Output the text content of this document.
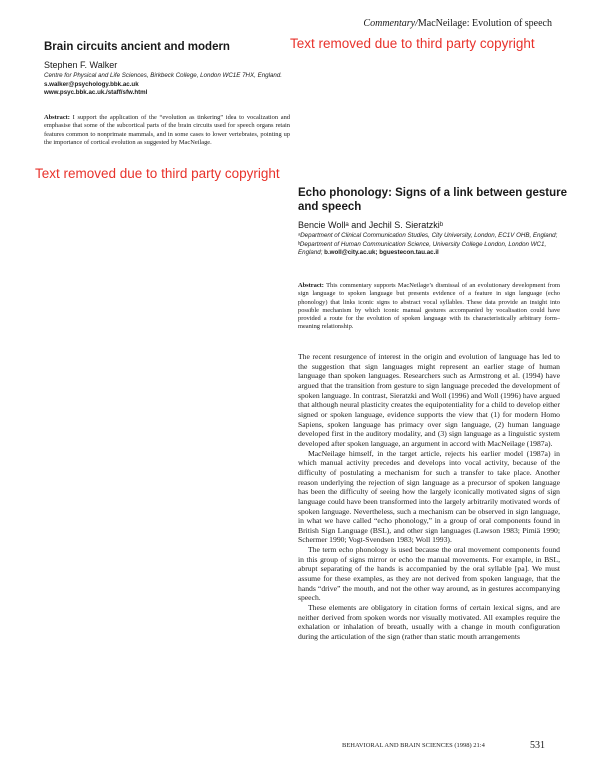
Commentary/MacNeilage: Evolution of speech
Brain circuits ancient and modern
Stephen F. Walker
Centre for Physical and Life Sciences, Birkbeck College, London WC1E 7HX, England. s.walker@psychology.bbk.ac.uk
www.psyc.bbk.ac.uk./staff/sfw.html
Abstract: I support the application of the “evolution as tinkering” idea to vocalization and emphasise that some of the subcortical parts of the brain circuits used for speech organs retain features common to nonprimate mammals, and in some cases to lower vertebrates, pointing up the importance of cortical evolution as suggested by MacNeilage.
Text removed due to third party copyright
Text removed due to third party copyright
Echo phonology: Signs of a link between gesture and speech
Bencie Wollᵃ and Jechil S. Sieratzkiᵇ
ᵃDepartment of Clinical Communication Studies, City University, London, EC1V OHB, England; ᵇDepartment of Human Communication Science, University College London, London WC1, England; b.woll@city.ac.uk; bguestecon.tau.ac.il
Abstract: This commentary supports MacNeilage’s dismissal of an evolutionary development from sign language to spoken language but presents evidence of a feature in sign language (echo phonology) that links iconic signs to abstract vocal syllables. These data provide an insight into possible mechanism by which iconic manual gestures accompanied by vocalisation could have provided a route for the evolution of spoken language with its characteristically arbitrary form–meaning relationship.

The recent resurgence of interest in the origin and evolution of language has led to the suggestion that sign languages might represent an earlier stage of human language than spoken languages. Researchers such as Armstrong et al. (1994) have argued that the transition from gesture to sign language preceded the development of spoken language. In contrast, Sieratzki and Woll (1996) and Woll (1996) have argued that although neural plasticity creates the equipotentiality for a child to develop either signed or spoken language, evidence supports the view that (1) for modern Homo Sapiens, spoken language has primacy over sign language, (2) human language developed first in the auditory modality, and (3) sign language as a linguistic system developed after spoken language, an argument in accord with MacNeilage (1987a).

MacNeilage himself, in the target article, rejects his earlier model (1987a) in which manual activity precedes and develops into vocal activity, because of the difficulty of postulating a mechanism for such a transfer to take place. Another reason underlying the rejection of sign language as a precursor of spoken language has been the difficulty of seeing how the largely iconically motivated signs of sign language could have been transformed into the largely arbitrarily motivated words of spoken language. Nevertheless, such a mechanism can be observed in sign language, in what we have called “echo phonology,” in a group of oral components found in British Sign Language (BSL), and other sign languages (Lawson 1983; Pimiä 1990; Schermer 1990; Vogt-Svendsen 1983; Woll 1993).

The term echo phonology is used because the oral movement components found in this group of signs mirror or echo the manual movements. For example, in BSL, abrupt separating of the hands is accompanied by the oral syllable [pa]. We must assume for these examples, as they are not derived from spoken language, that the hands “drive” the mouth, and not the other way around, as in gestures accompanying speech.

These elements are obligatory in citation forms of certain lexical signs, and are neither derived from spoken words nor visually motivated. All examples require the exhalation or inhalation of breath, usually with a change in mouth configuration during the articulation of the sign (rather than static mouth arrangements

BEHAVIORAL AND BRAIN SCIENCES (1998) 21:4	531
